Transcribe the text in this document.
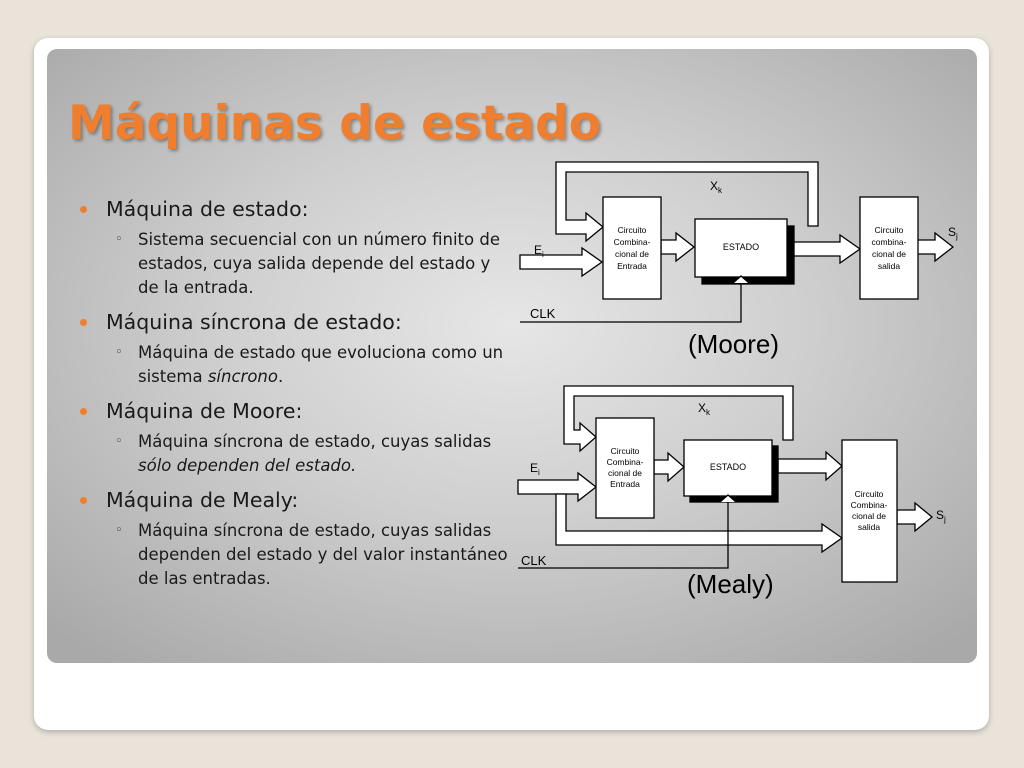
Máquinas de estado
Máquina de estado:
◦ Sistema secuencial con un número finito de estados, cuya salida depende del estado y de la entrada.
Máquina síncrona de estado:
◦ Máquina de estado que evoluciona como un sistema síncrono.
Máquina de Moore:
◦ Máquina síncrona de estado, cuyas salidas sólo dependen del estado.
Máquina de Mealy:
◦ Máquina síncrona de estado, cuyas salidas dependen del estado y del valor instantáneo de las entradas.
$X_k$
$E_i$
$S_j$
CLK
Circuito
Combina-
cional de
Entrada
ESTADO
Circuito
combina-
cional de
salida
(Moore)
$X_k$
$E_i$
$S_j$
CLK
Circuito
Combina-
cional de
Entrada
ESTADO
Circuito
Combina-
cional de
salida
(Mealy)
